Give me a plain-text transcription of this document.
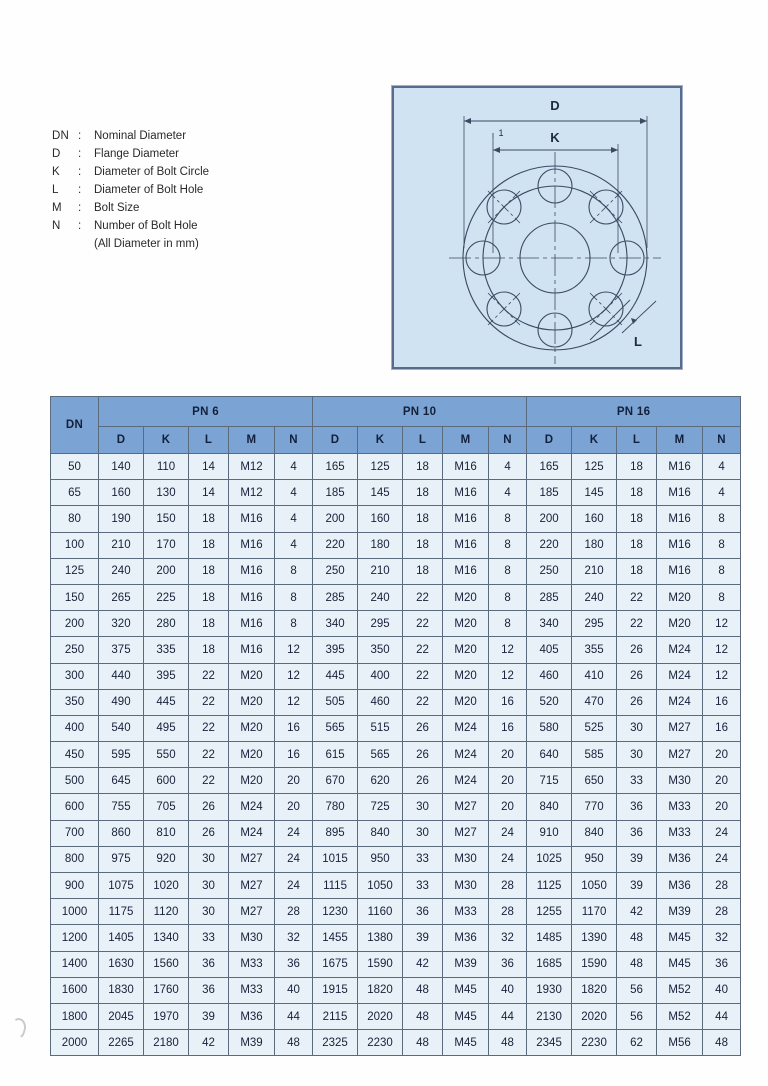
DN :	Nominal Diameter
D	:	Flange Diameter
K	:	Diameter of Bolt Circle
L	:	Diameter of Bolt Hole
M	:	Bolt Size
N	:	Number of Bolt Hole
(All Diameter in mm)
D
K
1
L
DN	PN 6					PN 10					PN 16				
	D	K	L	M	N	D	K	L	M	N	D	K	L	M	N
50	140	110	14	M12	4	165	125	18	M16	4	165	125	18	M16	4
65	160	130	14	M12	4	185	145	18	M16	4	185	145	18	M16	4
80	190	150	18	M16	4	200	160	18	M16	8	200	160	18	M16	8
100	210	170	18	M16	4	220	180	18	M16	8	220	180	18	M16	8
125	240	200	18	M16	8	250	210	18	M16	8	250	210	18	M16	8
150	265	225	18	M16	8	285	240	22	M20	8	285	240	22	M20	8
200	320	280	18	M16	8	340	295	22	M20	8	340	295	22	M20	12
250	375	335	18	M16	12	395	350	22	M20	12	405	355	26	M24	12
300	440	395	22	M20	12	445	400	22	M20	12	460	410	26	M24	12
350	490	445	22	M20	12	505	460	22	M20	16	520	470	26	M24	16
400	540	495	22	M20	16	565	515	26	M24	16	580	525	30	M27	16
450	595	550	22	M20	16	615	565	26	M24	20	640	585	30	M27	20
500	645	600	22	M20	20	670	620	26	M24	20	715	650	33	M30	20
600	755	705	26	M24	20	780	725	30	M27	20	840	770	36	M33	20
700	860	810	26	M24	24	895	840	30	M27	24	910	840	36	M33	24
800	975	920	30	M27	24	1015	950	33	M30	24	1025	950	39	M36	24
900	1075	1020	30	M27	24	1115	1050	33	M30	28	1125	1050	39	M36	28
1000	1175	1120	30	M27	28	1230	1160	36	M33	28	1255	1170	42	M39	28
1200	1405	1340	33	M30	32	1455	1380	39	M36	32	1485	1390	48	M45	32
1400	1630	1560	36	M33	36	1675	1590	42	M39	36	1685	1590	48	M45	36
1600	1830	1760	36	M33	40	1915	1820	48	M45	40	1930	1820	56	M52	40
1800	2045	1970	39	M36	44	2115	2020	48	M45	44	2130	2020	56	M52	44
2000	2265	2180	42	M39	48	2325	2230	48	M45	48	2345	2230	62	M56	48
